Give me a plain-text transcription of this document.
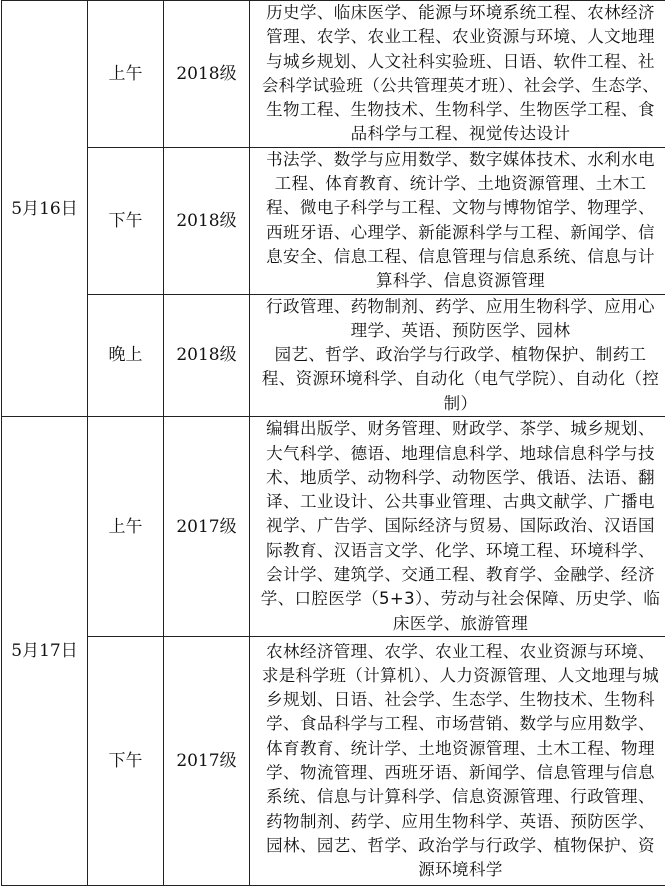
5月16日	上午	2018级	历史学、临床医学、能源与环境系统工程、农林经济管理、农学、农业工程、农业资源与环境、人文地理与城乡规划、人文社科实验班、日语、软件工程、社会科学试验班（公共管理英才班）、社会学、生态学、生物工程、生物技术、生物科学、生物医学工程、食品科学与工程、视觉传达设计
	下午	2018级	书法学、数学与应用数学、数字媒体技术、水利水电工程、体育教育、统计学、土地资源管理、土木工程、微电子科学与工程、文物与博物馆学、物理学、西班牙语、心理学、新能源科学与工程、新闻学、信息安全、信息工程、信息管理与信息系统、信息与计算科学、信息资源管理
	晚上	2018级	行政管理、药物制剂、药学、应用生物科学、应用心理学、英语、预防医学、园林
园艺、哲学、政治学与行政学、植物保护、制药工程、资源环境科学、自动化（电气学院）、自动化（控制）

5月17日	上午	2017级	编辑出版学、财务管理、财政学、茶学、城乡规划、大气科学、德语、地理信息科学、地球信息科学与技术、地质学、动物科学、动物医学、俄语、法语、翻译、工业设计、公共事业管理、古典文献学、广播电视学、广告学、国际经济与贸易、国际政治、汉语国际教育、汉语言文学、化学、环境工程、环境科学、会计学、建筑学、交通工程、教育学、金融学、经济学、口腔医学（5+3）、劳动与社会保障、历史学、临床医学、旅游管理
	下午	2017级	农林经济管理、农学、农业工程、农业资源与环境、求是科学班（计算机）、人力资源管理、人文地理与城乡规划、日语、社会学、生态学、生物技术、生物科学、食品科学与工程、市场营销、数学与应用数学、体育教育、统计学、土地资源管理、土木工程、物理学、物流管理、西班牙语、新闻学、信息管理与信息系统、信息与计算科学、信息资源管理、行政管理、药物制剂、药学、应用生物科学、英语、预防医学、园林、园艺、哲学、政治学与行政学、植物保护、资源环境科学
